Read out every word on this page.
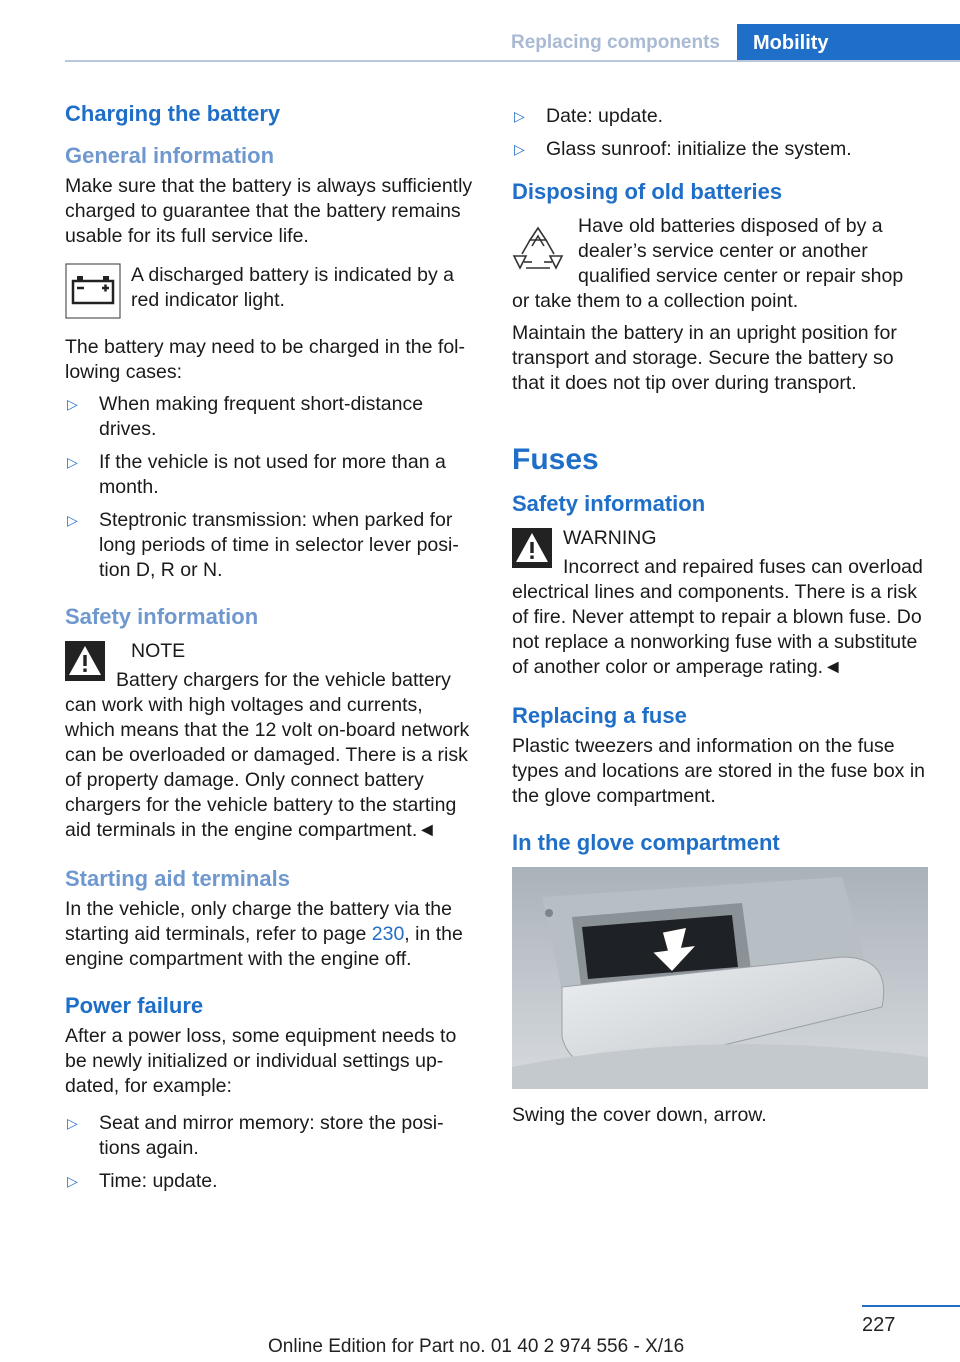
Replacing components	Mobility
Charging the battery
General information

Make sure that the battery is always sufficiently charged to guarantee that the battery remains usable for its full service life.

A discharged battery is indicated by a red indicator light.

The battery may need to be charged in the following cases:

▷ When making frequent short-distance drives.
▷ If the vehicle is not used for more than a month.
▷ Steptronic transmission: when parked for long periods of time in selector lever position D, R or N.
Safety information

NOTE

Battery chargers for the vehicle battery can work with high voltages and currents, which means that the 12 volt on-board network can be overloaded or damaged. There is a risk of property damage. Only connect battery chargers for the vehicle battery to the starting aid terminals in the engine compartment.◄

Starting aid terminals

In the vehicle, only charge the battery via the starting aid terminals, refer to page 230, in the engine compartment with the engine off.

Power failure

After a power loss, some equipment needs to be newly initialized or individual settings updated, for example:

▷ Seat and mirror memory: store the positions again.
▷ Time: update.
▷ Date: update.
▷ Glass sunroof: initialize the system.
Disposing of old batteries

Have old batteries disposed of by a dealer’s service center or another qualified service center or repair shop

or take them to a collection point.

Maintain the battery in an upright position for transport and storage. Secure the battery so that it does not tip over during transport.

Fuses
Safety information

WARNING

Incorrect and repaired fuses can overload

electrical lines and components. There is a risk of fire. Never attempt to repair a blown fuse. Do not replace a nonworking fuse with a substitute of another color or amperage rating.◄

Replacing a fuse

Plastic tweezers and information on the fuse types and locations are stored in the fuse box in the glove compartment.

In the glove compartment

Swing the cover down, arrow.

227
Online Edition for Part no. 01 40 2 974 556 - X/16
